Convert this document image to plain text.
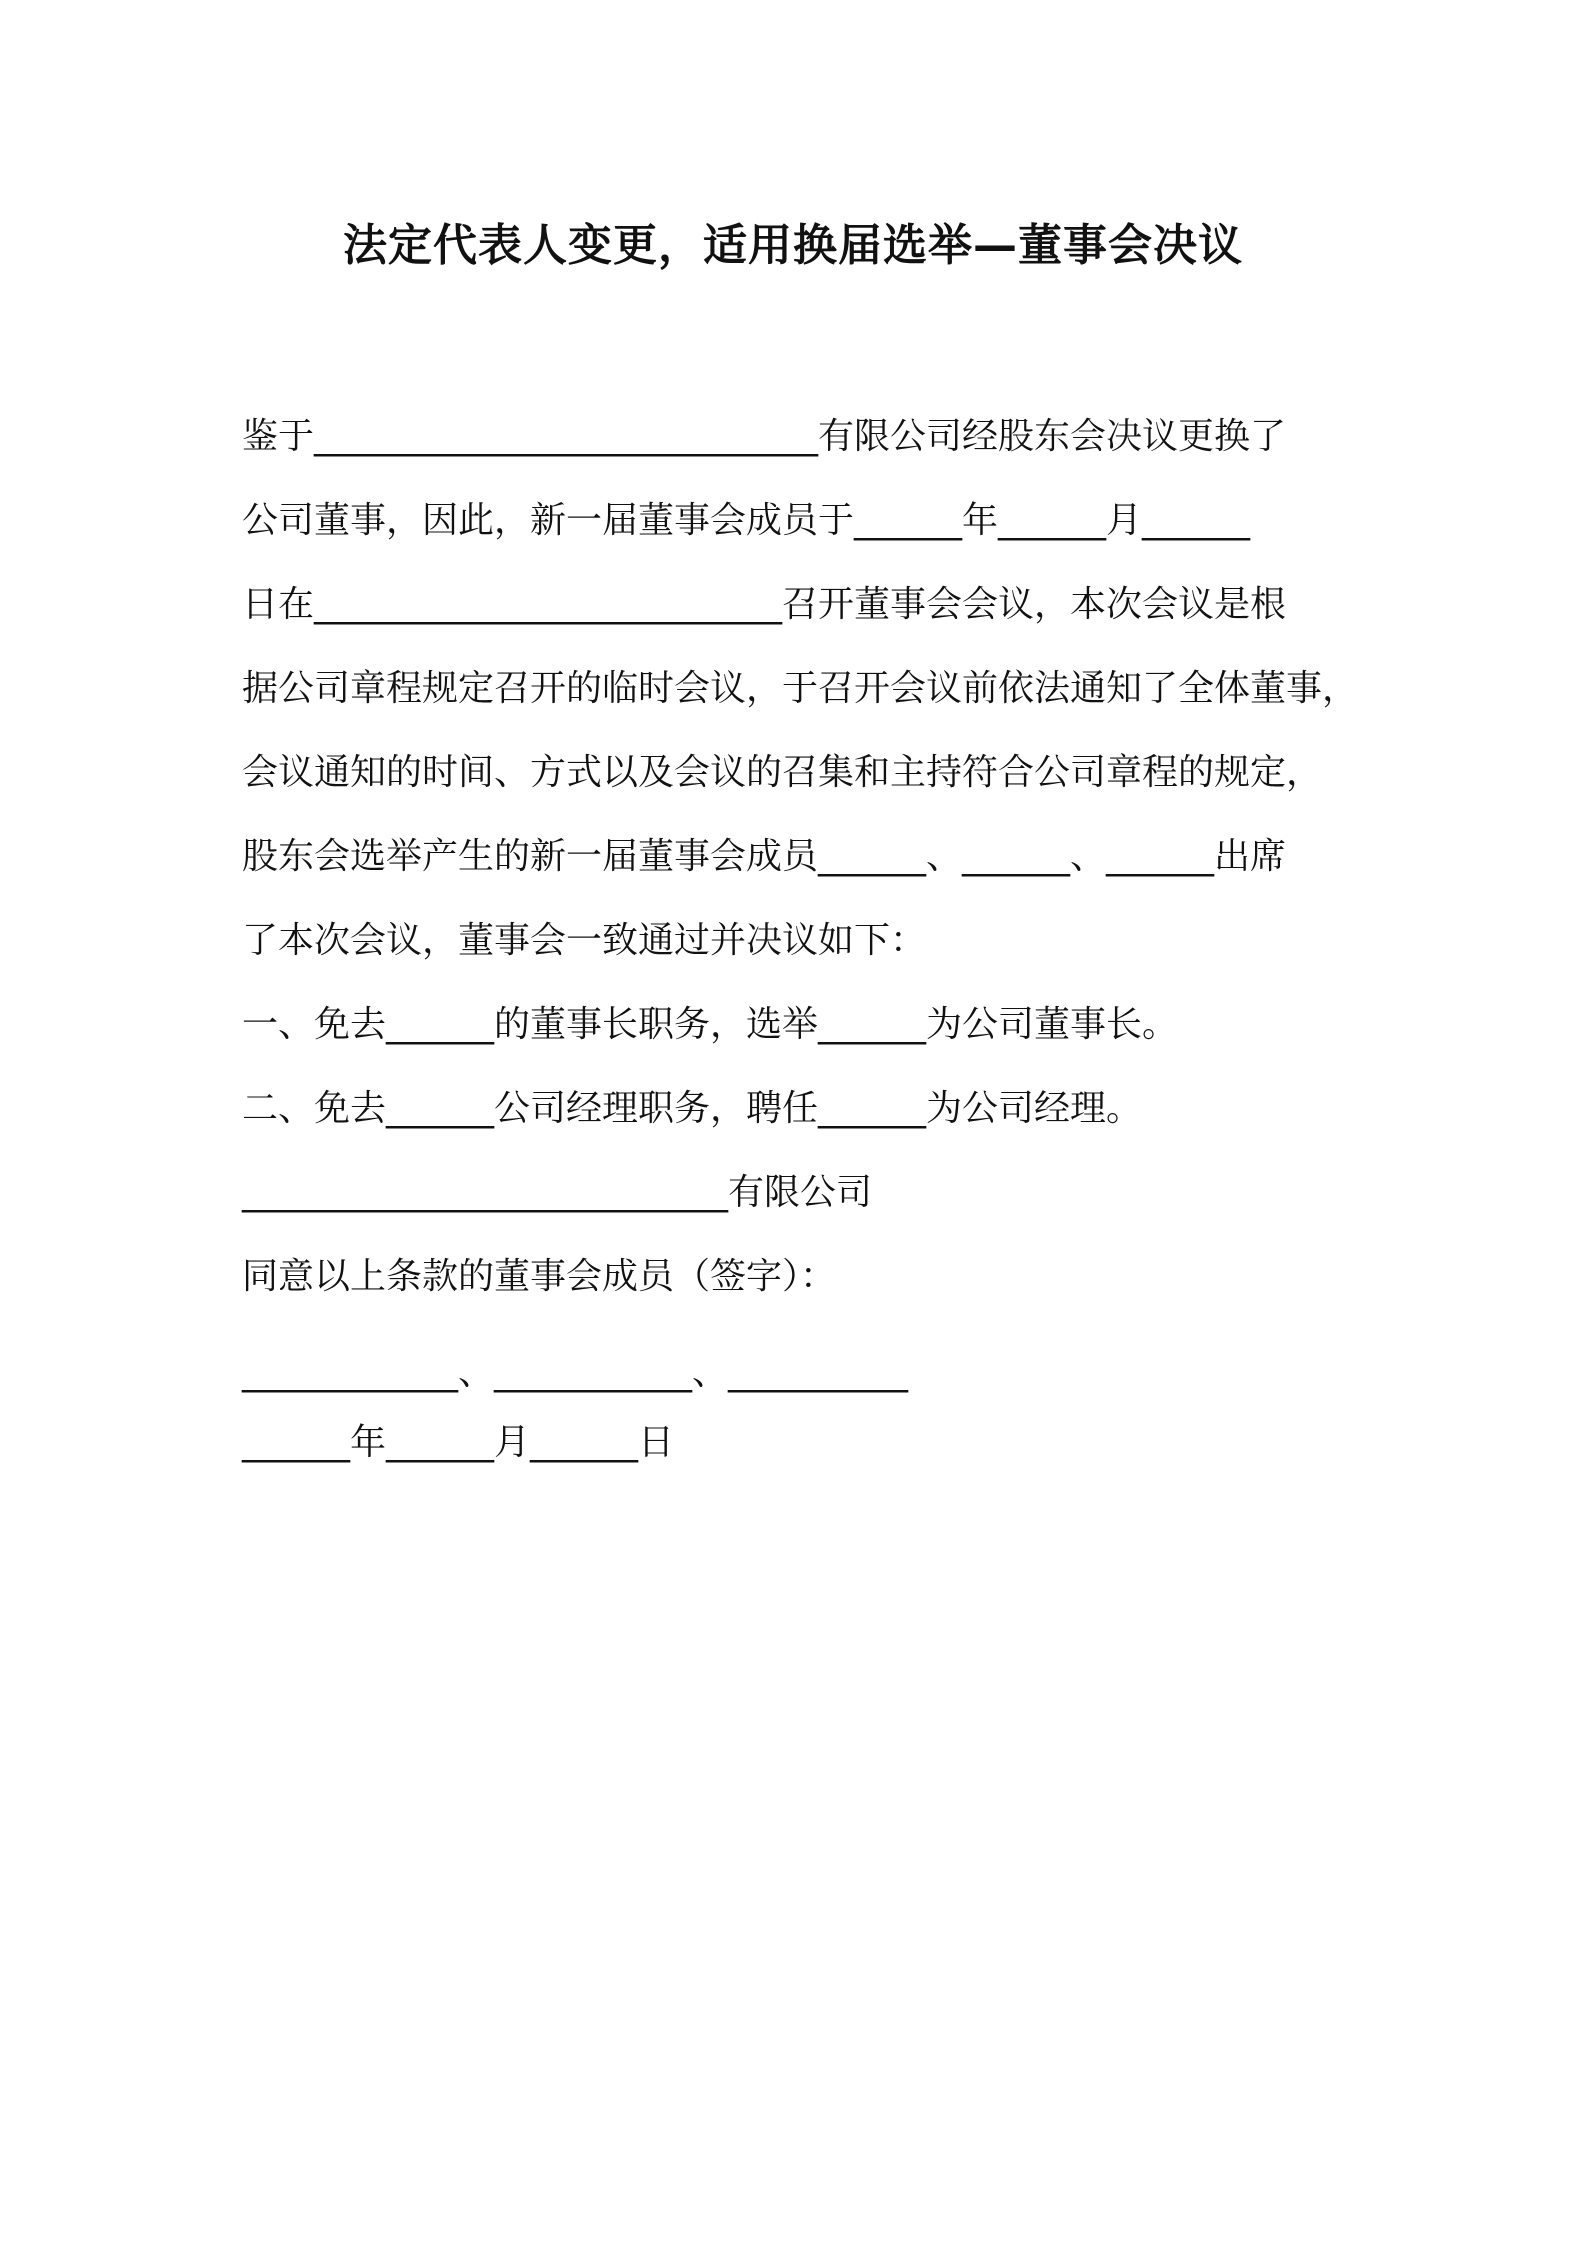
法定代表人变更，适用换届选举—董事会决议
鉴于____________________________有限公司经股东会决议更换了
公司董事，因此，新一届董事会成员于______年______月______
日在__________________________召开董事会会议，本次会议是根
据公司章程规定召开的临时会议，于召开会议前依法通知了全体董事，
会议通知的时间、方式以及会议的召集和主持符合公司章程的规定，
股东会选举产生的新一届董事会成员______、______、______出席
了本次会议，董事会一致通过并决议如下：
一、免去______的董事长职务，选举______为公司董事长。
二、免去______公司经理职务，聘任______为公司经理。
___________________________有限公司
同意以上条款的董事会成员（签字）：
____________、___________、__________
______年______月______日
